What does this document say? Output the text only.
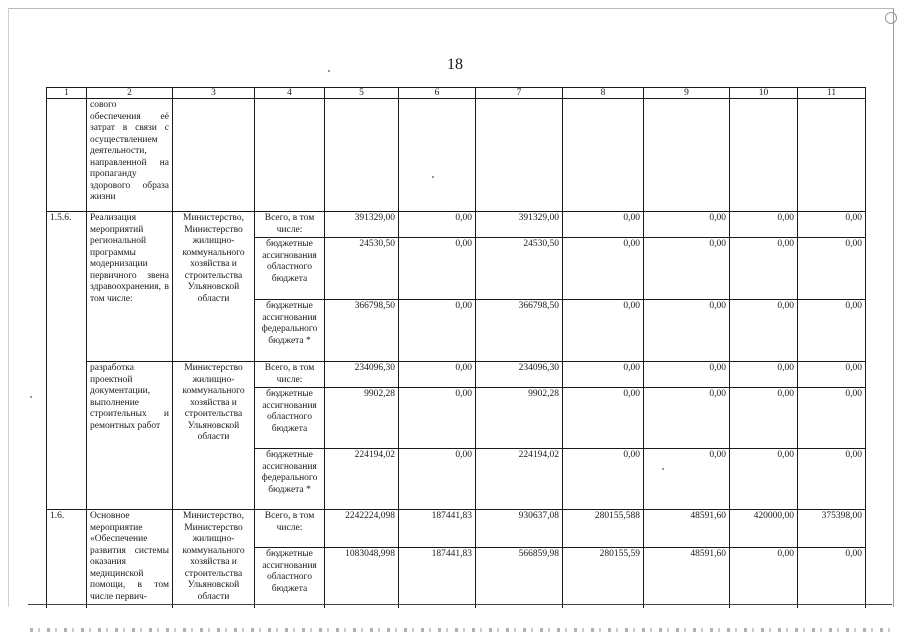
18
1	2	3	4	5	6	7	8	9	10	11
	сового обеспечения её затрат в связи с осуществлением деятельности, направленной на пропаганду здорового образа жизни									
1.5.6.	Реализация мероприятий региональной программы модернизации первичного звена здравоохранения, в том числе:	Министерство, Министерство жилищно-коммунального хозяйства и строительства Ульяновской области	Всего, в том числе:	391329,00	0,00	391329,00	0,00	0,00	0,00	0,00
			бюджетные ассигнования областного бюджета	24530,50	0,00	24530,50	0,00	0,00	0,00	0,00
			бюджетные ассигнования федерального бюджета *	366798,50	0,00	366798,50	0,00	0,00	0,00	0,00
	разработка проектной документации, выполнение строительных и ремонтных работ	Министерство жилищно-коммунального хозяйства и строительства Ульяновской области	Всего, в том числе:	234096,30	0,00	234096,30	0,00	0,00	0,00	0,00
			бюджетные ассигнования областного бюджета	9902,28	0,00	9902,28	0,00	0,00	0,00	0,00
			бюджетные ассигнования федерального бюджета *	224194,02	0,00	224194,02	0,00	0,00	0,00	0,00
1.6.	Основное мероприятие «Обеспечение развития системы оказания медицинской помощи, в том числе первич-	Министерство, Министерство жилищно-коммунального хозяйства и строительства Ульяновской области	Всего, в том числе:	2242224,098	187441,83	930637,08	280155,588	48591,60	420000,00	375398,00
			бюджетные ассигнования областного бюджета	1083048,998	187441,83	566859,98	280155,59	48591,60	0,00	0,00
